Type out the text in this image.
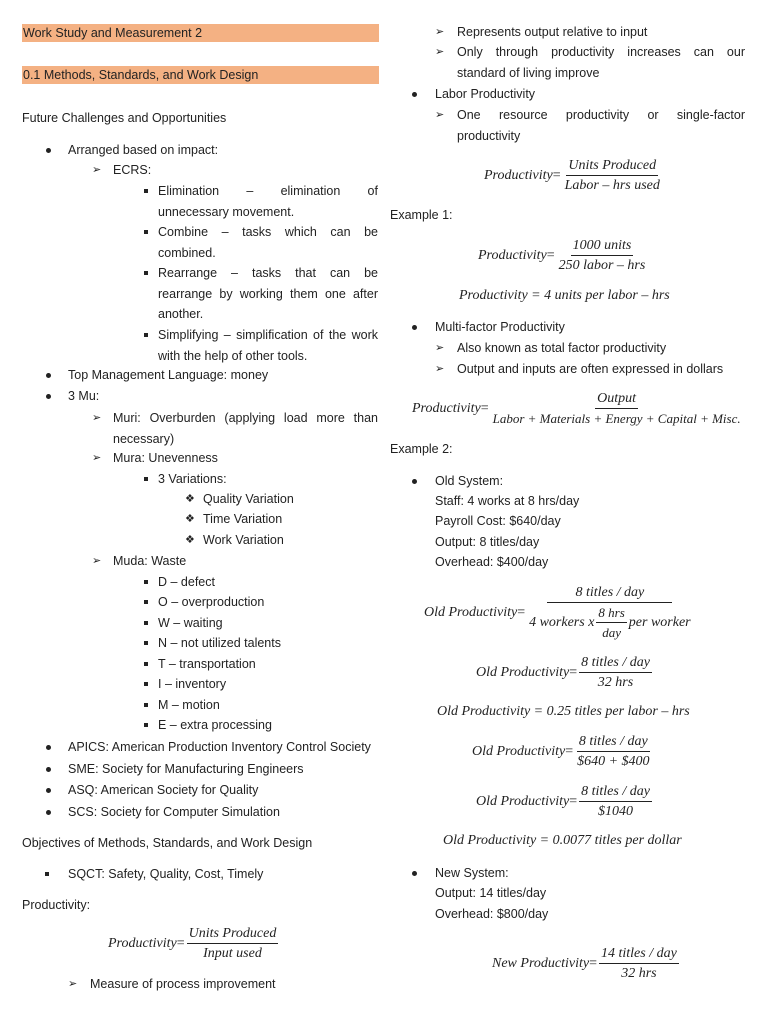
Work Study and Measurement 2
0.1 Methods, Standards, and Work Design
Future Challenges and Opportunities
Arranged based on impact:
➢ ECRS:
Elimination – elimination of unnecessary movement.
Combine – tasks which can be combined.
Rearrange – tasks that can be rearrange by working them one after another.
Simplifying – simplification of the work with the help of other tools.
Top Management Language: money
3 Mu:
➢ Muri: Overburden (applying load more than necessary)
➢ Mura: Unevenness
3 Variations:
❖ Quality Variation
❖ Time Variation
❖ Work Variation
➢ Muda: Waste
D – defect
O – overproduction
W – waiting
N – not utilized talents
T – transportation
I – inventory
M – motion
E – extra processing
APICS: American Production Inventory Control Society
SME: Society for Manufacturing Engineers
ASQ: American Society for Quality
SCS: Society for Computer Simulation
Objectives of Methods, Standards, and Work Design
SQCT: Safety, Quality, Cost, Timely
Productivity:
Productivity = $\frac{\text{Units Produced}}{\text{Input used}}$
➢ Measure of process improvement
➢ Represents output relative to input
➢ Only through productivity increases can our standard of living improve
Labor Productivity
➢ One resource productivity or single-factor productivity
Productivity = $\frac{\text{Units Produced}}{\text{Labor – hrs used}}$
Example 1:
Productivity = $\frac{\text{1000 units}}{\text{250 labor – hrs}}$
Productivity = 4 units per labor – hrs
Multi-factor Productivity
➢ Also known as total factor productivity
➢ Output and inputs are often expressed in dollars
Productivity = $\frac{\text{Output}}{\text{Labor + Materials + Energy + Capital + Misc.}}$
Example 2:
Old System:
Staff: 4 works at 8 hrs/day
Payroll Cost: $640/day
Output: 8 titles/day
Overhead: $400/day
Old Productivity = $\frac{\text{8 titles / day}}{4 workers x \frac{\text{8 hrs}}{\text{day}} per worker}$
Old Productivity = $\frac{\text{8 titles / day}}{\text{32 hrs}}$
Old Productivity = 0.25 titles per labor – hrs
Old Productivity = $\frac{\text{8 titles / day}}{\$640 + \$400}$
Old Productivity = $\frac{\text{8 titles / day}}{\$1040}$
Old Productivity = 0.0077 titles per dollar
New System:
Output: 14 titles/day
Overhead: $800/day
New Productivity = $\frac{\text{14 titles / day}}{\text{32 hrs}}$
